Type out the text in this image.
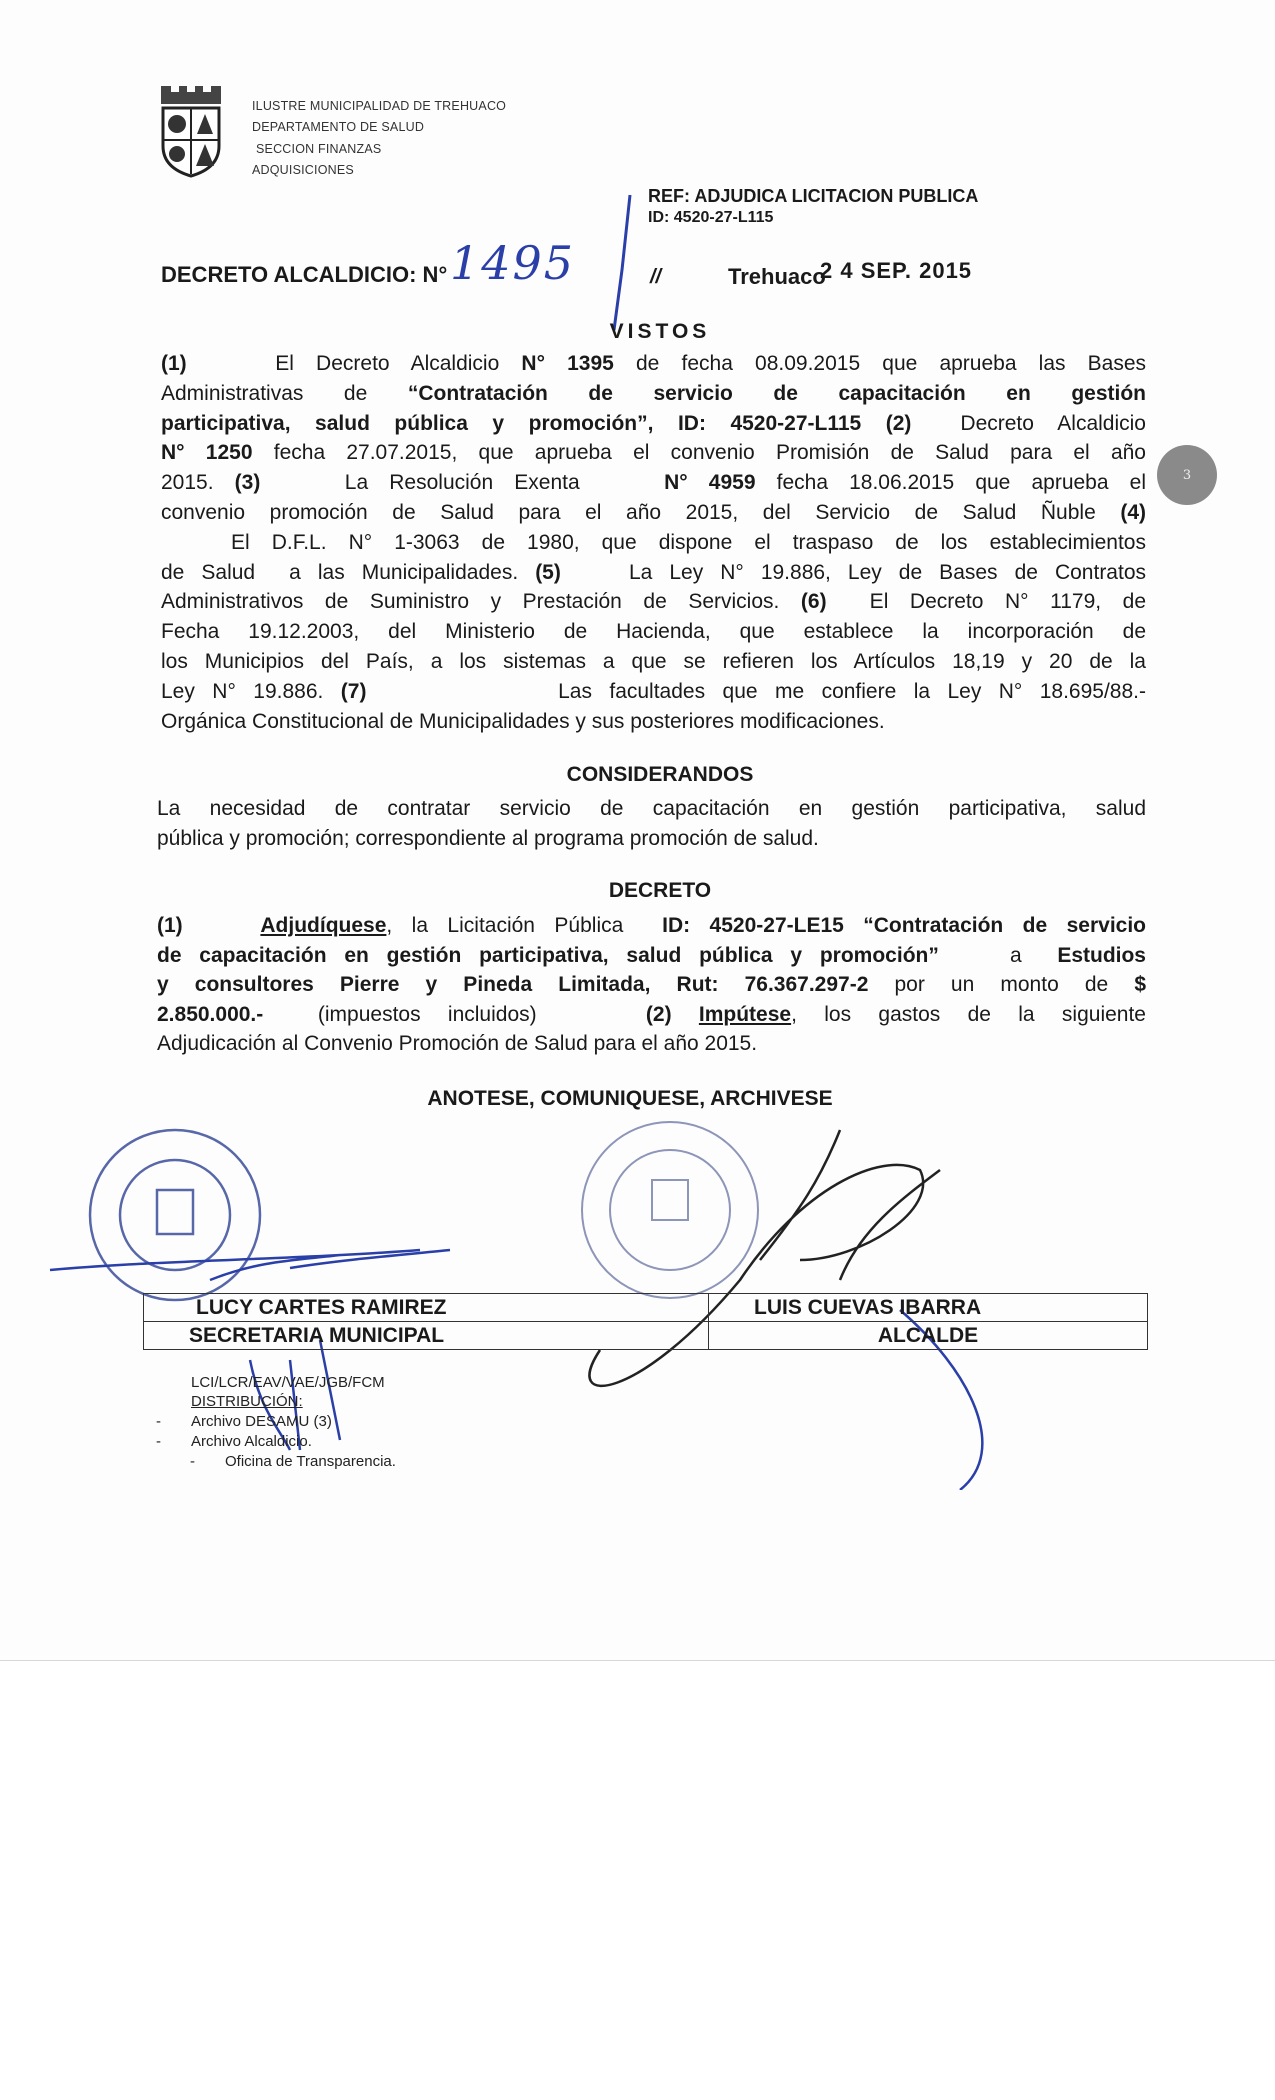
ILUSTRE MUNICIPALIDAD DE TREHUACO
DEPARTAMENTO DE SALUD
SECCION FINANZAS
ADQUISICIONES
REF: ADJUDICA LICITACION PUBLICA
ID: 4520-27-L115
DECRETO ALCALDICIO: N° 1495	//	Trehuaco
2 4 SEP. 2015
3
VISTOS
(1)    El Decreto Alcaldicio N° 1395 de fecha 08.09.2015 que aprueba las Bases
Administrativas de “Contratación de servicio de capacitación en gestión
participativa, salud pública y promoción”, ID: 4520-27-L115 (2)  Decreto Alcaldicio
N° 1250 fecha 27.07.2015, que aprueba el convenio Promisión de Salud para el año
2015. (3)    La Resolución Exenta    N° 4959 fecha 18.06.2015 que aprueba el
convenio promoción de Salud para el año 2015, del Servicio de Salud Ñuble (4)
El D.F.L. N° 1-3063 de 1980, que dispone el traspaso de los establecimientos
de Salud  a las Municipalidades. (5)    La Ley N° 19.886, Ley de Bases de Contratos
Administrativos de Suministro y Prestación de Servicios. (6)  El Decreto N° 1179, de
Fecha 19.12.2003, del Ministerio de Hacienda, que establece la incorporación de
los Municipios del País, a los sistemas a que se refieren los Artículos 18,19 y 20 de la
Ley N° 19.886. (7)           Las facultades que me confiere la Ley N° 18.695/88.-
Orgánica Constitucional de Municipalidades y sus posteriores modificaciones.
CONSIDERANDOS
La necesidad de contratar servicio de capacitación en gestión participativa, salud
pública y promoción; correspondiente al programa promoción de salud.
DECRETO
(1)	Adjudíquese, la Licitación Pública  ID: 4520-27-LE15 “Contratación de servicio
de capacitación en gestión participativa, salud pública y promoción”    a  Estudios
y consultores Pierre y Pineda Limitada, Rut: 76.367.297-2 por un monto de $
2.850.000.-  (impuestos incluidos)    (2) Impútese, los gastos de la siguiente
Adjudicación al Convenio Promoción de Salud para el año 2015.
ANOTESE, COMUNIQUESE, ARCHIVESE
LUCY CARTES RAMIREZ	LUIS CUEVAS IBARRA
SECRETARIA MUNICIPAL	ALCALDE
LCI/LCR/EAV/VAE/JGB/FCM
DISTRIBUCIÓN:
- Archivo DESAMU (3)
- Archivo Alcaldicio.
- Oficina de Transparencia.
